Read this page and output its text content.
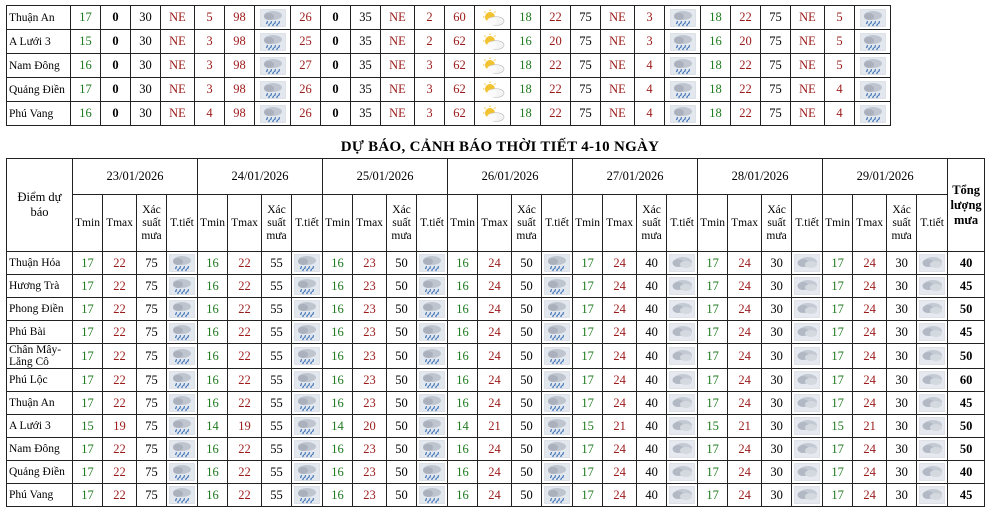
Thuận An	17	0	30	NE	5	98		26	0	35	NE	2	60		18	22	75	NE	3		18	22	75	NE	5	

A Lưới 3	15	0	30	NE	3	98		25	0	35	NE	2	62		16	20	75	NE	3		16	20	75	NE	5	

Nam Đông	16	0	30	NE	3	98		27	0	35	NE	3	62		18	22	75	NE	4		18	22	75	NE	5	

Quảng Điền	17	0	30	NE	3	98		26	0	35	NE	3	62		18	22	75	NE	4		18	22	75	NE	4	

Phú Vang	16	0	30	NE	4	98		26	0	35	NE	3	62		18	22	75	NE	4		18	22	75	NE	4	
DỰ BÁO, CẢNH BÁO THỜI TIẾT 4-10 NGÀY
Điểm dự báo	23/01/2026				24/01/2026				25/01/2026				26/01/2026				27/01/2026				28/01/2026				29/01/2026				Tổng lượng mưa
	Tmin	Tmax	Xác suất mưa	T.tiết	Tmin	Tmax	Xác suất mưa	T.tiết	Tmin	Tmax	Xác suất mưa	T.tiết	Tmin	Tmax	Xác suất mưa	T.tiết	Tmin	Tmax	Xác suất mưa	T.tiết	Tmin	Tmax	Xác suất mưa	T.tiết	Tmin	Tmax	Xác suất mưa	T.tiết	
Thuận Hóa	17	22	75		16	22	55		16	23	50		16	24	50		17	24	40		17	24	30		17	24	30		40
Hương Trà	17	22	75		16	22	55		16	23	50		16	24	50		17	24	40		17	24	30		17	24	30		45
Phong Điền	17	22	75		16	22	55		16	23	50		16	24	50		17	24	40		17	24	30		17	24	30		50
Phú Bài	17	22	75		16	22	55		16	23	50		16	24	50		17	24	40		17	24	30		17	24	30		45
Chân Mây-Lăng Cô	17	22	75		16	22	55		16	23	50		16	24	50		17	24	40		17	24	30		17	24	30		50
Phú Lộc	17	22	75		16	22	55		16	23	50		16	24	50		17	24	40		17	24	30		17	24	30		60
Thuận An	17	22	75		16	22	55		16	23	50		16	24	50		17	24	40		17	24	30		17	24	30		45
A Lưới 3	15	19	75		14	19	55		14	20	50		14	21	50		15	21	40		15	21	30		15	21	30		50
Nam Đông	17	22	75		16	22	55		16	23	50		16	24	50		17	24	40		17	24	30		17	24	30		50
Quảng Điền	17	22	75		16	22	55		16	23	50		16	24	50		17	24	40		17	24	30		17	24	30		40
Phú Vang	17	22	75		16	22	55		16	23	50		16	24	50		17	24	40		17	24	30		17	24	30		45
